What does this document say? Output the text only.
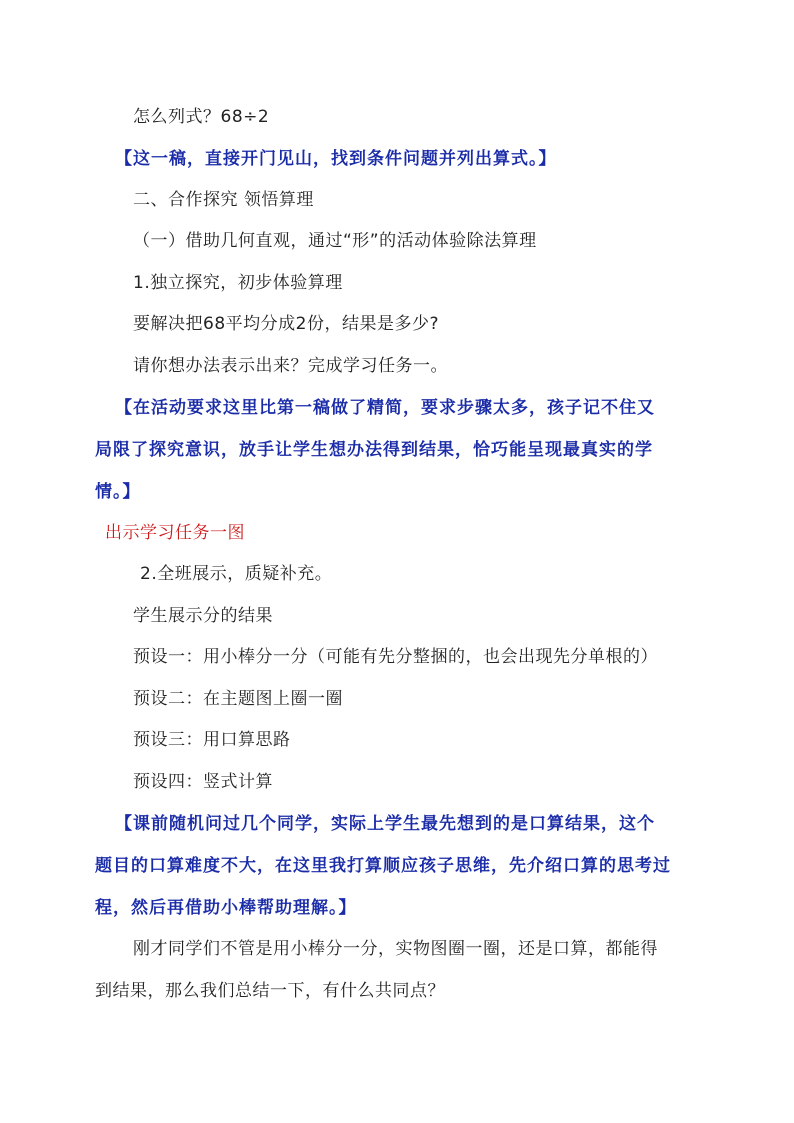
怎么列式？68÷2
【这一稿，直接开门见山，找到条件问题并列出算式。】
二、合作探究 领悟算理
（一）借助几何直观，通过“形”的活动体验除法算理
1.独立探究，初步体验算理
要解决把68平均分成2份，结果是多少?
请你想办法表示出来？完成学习任务一。
【在活动要求这里比第一稿做了精简，要求步骤太多，孩子记不住又
局限了探究意识，放手让学生想办法得到结果，恰巧能呈现最真实的学
情。】
出示学习任务一图
2.全班展示，质疑补充。
学生展示分的结果
预设一：用小棒分一分（可能有先分整捆的，也会出现先分单根的）
预设二：在主题图上圈一圈
预设三：用口算思路
预设四：竖式计算
【课前随机问过几个同学，实际上学生最先想到的是口算结果，这个
题目的口算难度不大，在这里我打算顺应孩子思维，先介绍口算的思考过
程，然后再借助小棒帮助理解。】
刚才同学们不管是用小棒分一分，实物图圈一圈，还是口算，都能得
到结果，那么我们总结一下，有什么共同点？
